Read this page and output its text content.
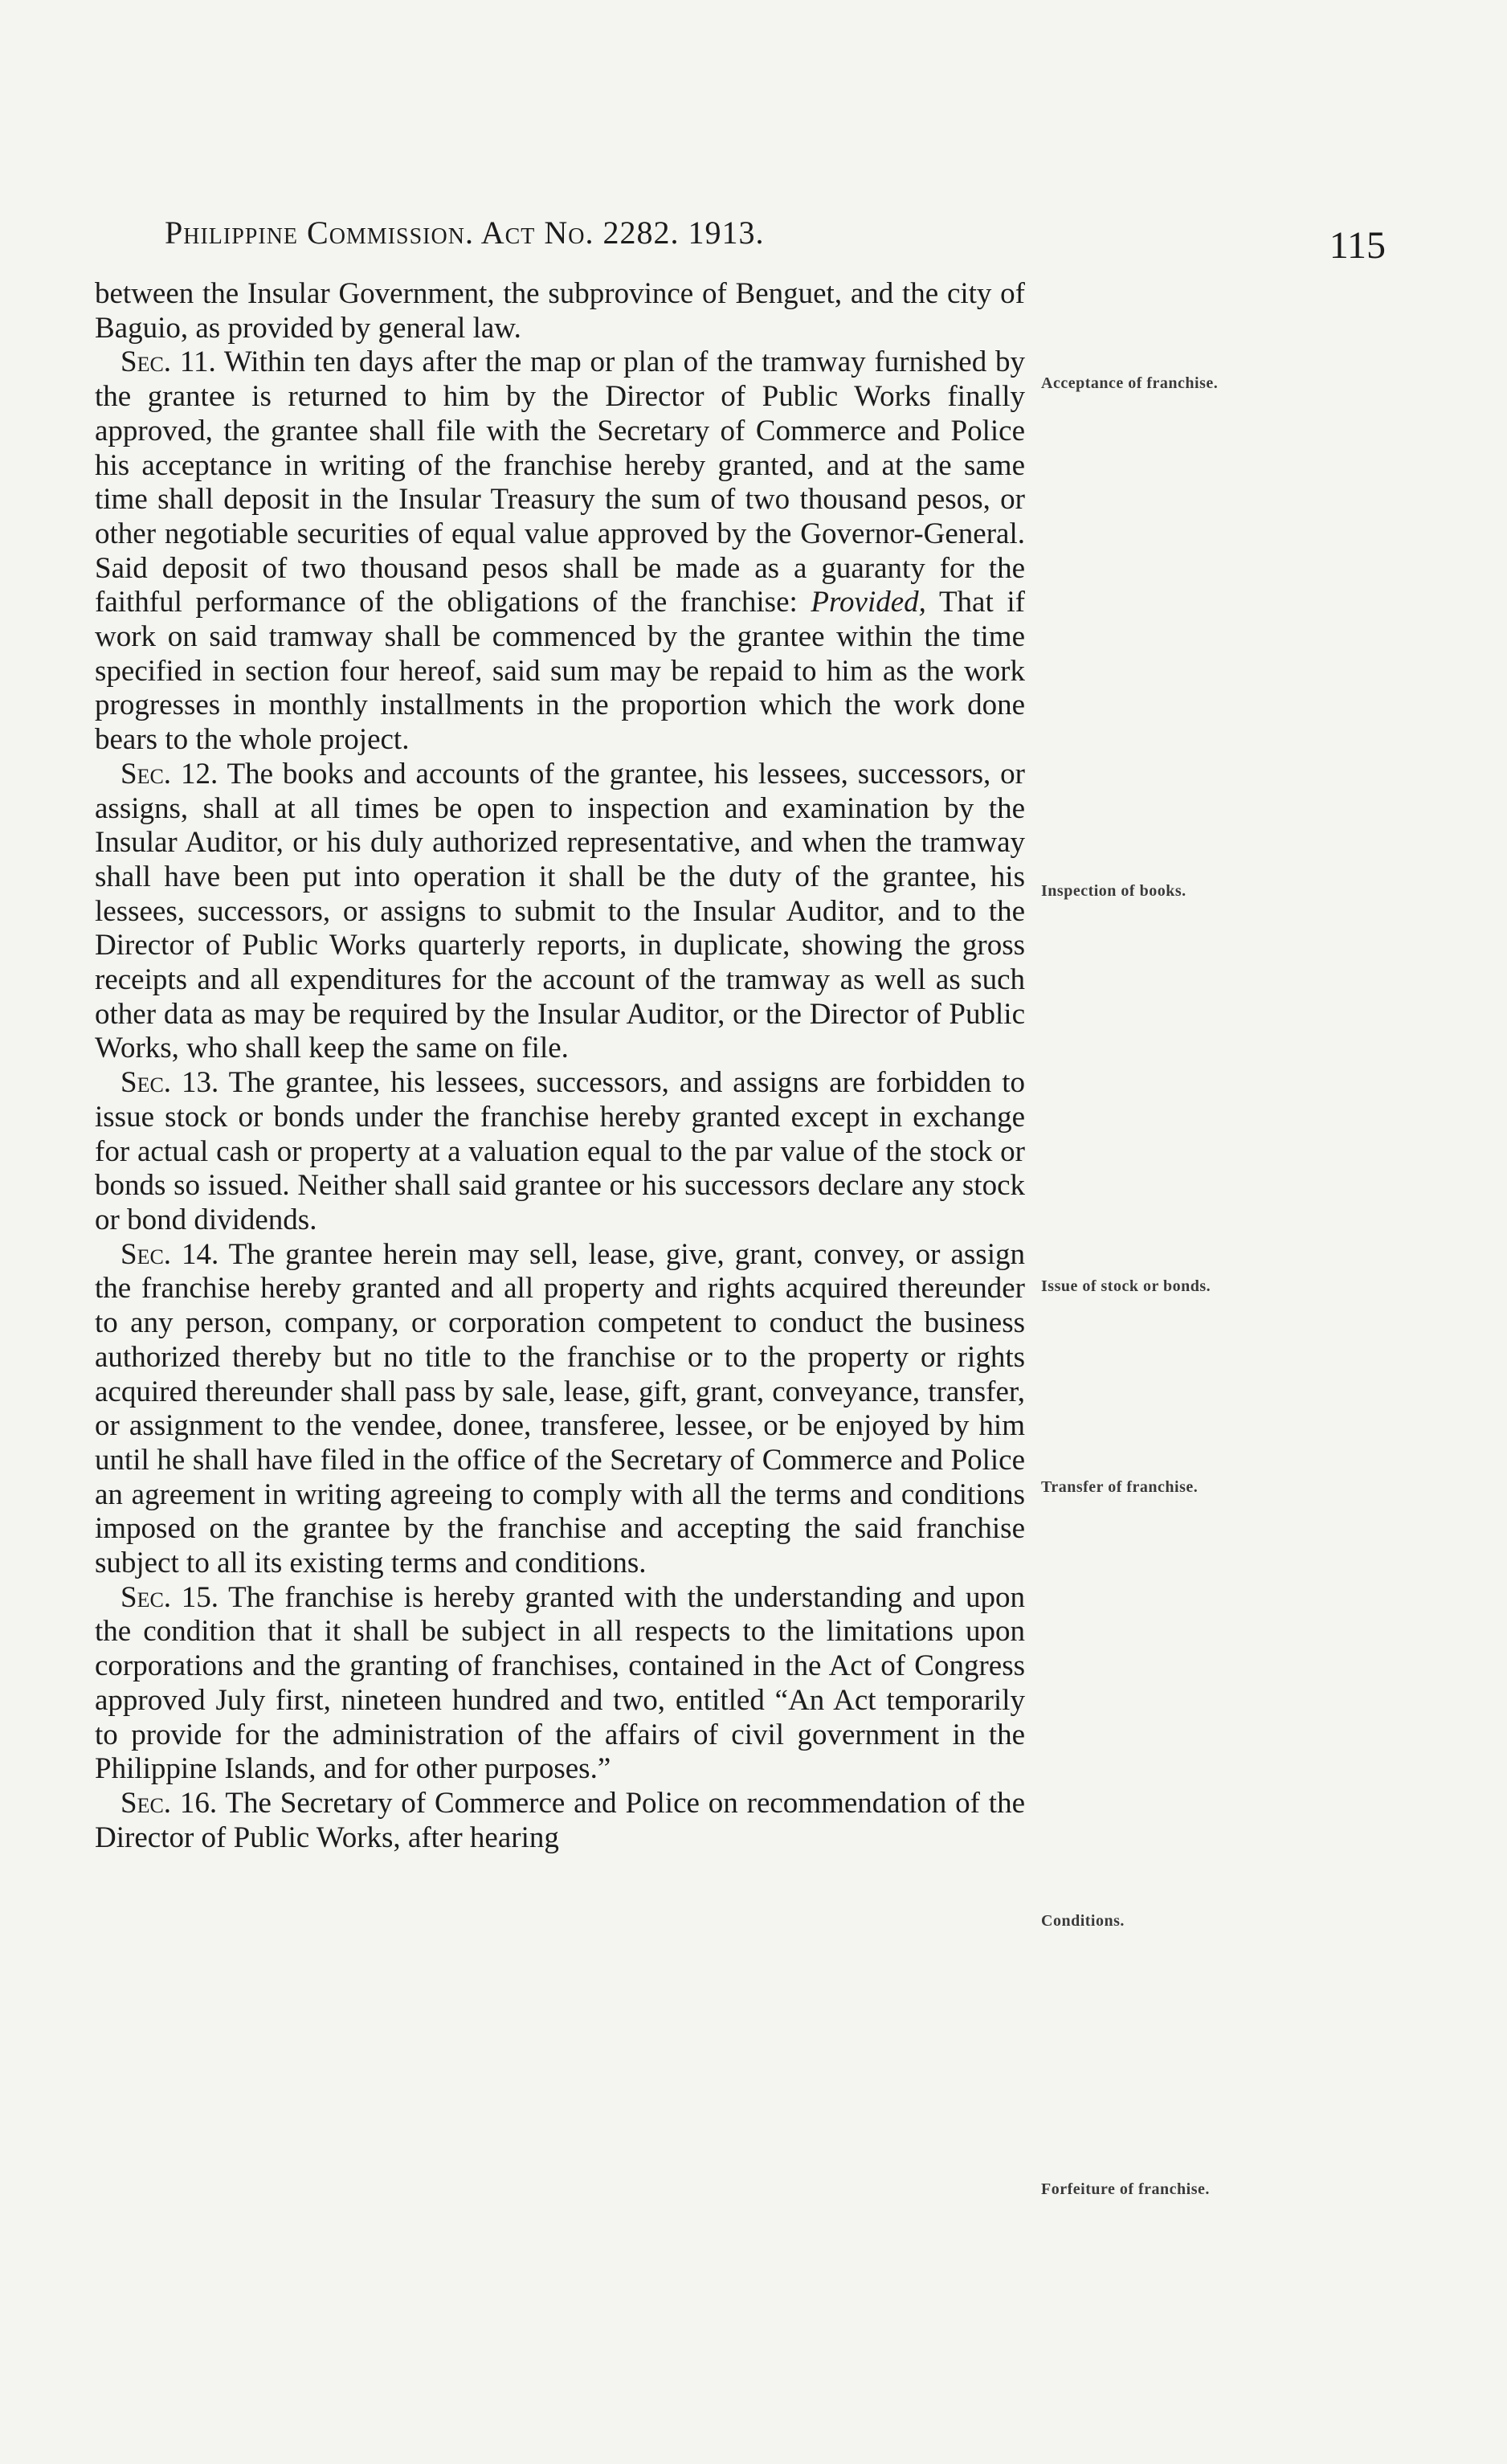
Philippine Commission. Act No. 2282. 1913.	115

between the Insular Government, the subprovince of Benguet, and the city of Baguio, as provided by general law.

Sec. 11. Within ten days after the map or plan of the tramway furnished by the grantee is returned to him by the Director of Public Works finally approved, the grantee shall file with the Secretary of Commerce and Police his acceptance in writing of the franchise hereby granted, and at the same time shall deposit in the Insular Treasury the sum of two thousand pesos, or other negotiable securities of equal value approved by the Governor-General. Said deposit of two thousand pesos shall be made as a guaranty for the faithful performance of the obligations of the franchise: Provided, That if work on said tramway shall be commenced by the grantee within the time specified in section four hereof, said sum may be repaid to him as the work progresses in monthly installments in the proportion which the work done bears to the whole project.

Sec. 12. The books and accounts of the grantee, his lessees, successors, or assigns, shall at all times be open to inspection and examination by the Insular Auditor, or his duly authorized representative, and when the tramway shall have been put into operation it shall be the duty of the grantee, his lessees, successors, or assigns to submit to the Insular Auditor, and to the Director of Public Works quarterly reports, in duplicate, showing the gross receipts and all expenditures for the account of the tramway as well as such other data as may be required by the Insular Auditor, or the Director of Public Works, who shall keep the same on file.

Sec. 13. The grantee, his lessees, successors, and assigns are forbidden to issue stock or bonds under the franchise hereby granted except in exchange for actual cash or property at a valuation equal to the par value of the stock or bonds so issued. Neither shall said grantee or his successors declare any stock or bond dividends.

Sec. 14. The grantee herein may sell, lease, give, grant, convey, or assign the franchise hereby granted and all property and rights acquired thereunder to any person, company, or corporation competent to conduct the business authorized thereby but no title to the franchise or to the property or rights acquired thereunder shall pass by sale, lease, gift, grant, conveyance, transfer, or assignment to the vendee, donee, transferee, lessee, or be enjoyed by him until he shall have filed in the office of the Secretary of Commerce and Police an agreement in writing agreeing to comply with all the terms and conditions imposed on the grantee by the franchise and accepting the said franchise subject to all its existing terms and conditions.

Sec. 15. The franchise is hereby granted with the understanding and upon the condition that it shall be subject in all respects to the limitations upon corporations and the granting of franchises, contained in the Act of Congress approved July first, nineteen hundred and two, entitled “An Act temporarily to provide for the administration of the affairs of civil government in the Philippine Islands, and for other purposes.”

Sec. 16. The Secretary of Commerce and Police on recommendation of the Director of Public Works, after hearing

Acceptance of franchise.
Inspection of books.
Issue of stock or bonds.
Transfer of franchise.
Conditions.
Forfeiture of franchise.
